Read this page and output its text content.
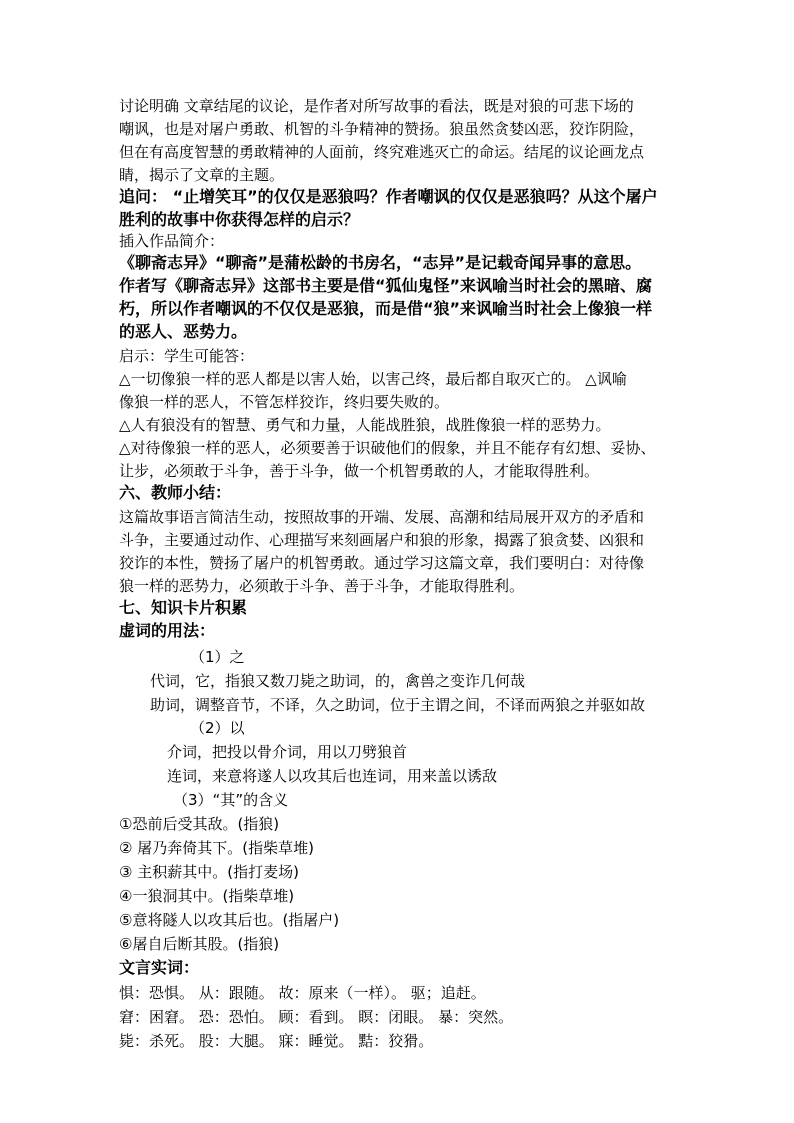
讨论明确 文章结尾的议论，是作者对所写故事的看法，既是对狼的可悲下场的
嘲讽，也是对屠户勇敢、机智的斗争精神的赞扬。狼虽然贪婪凶恶，狡诈阴险，
但在有高度智慧的勇敢精神的人面前，终究难逃灭亡的命运。结尾的议论画龙点
睛，揭示了文章的主题。
追问： “止增笑耳”的仅仅是恶狼吗？作者嘲讽的仅仅是恶狼吗？从这个屠户
胜利的故事中你获得怎样的启示？
插入作品简介：
《聊斋志异》“聊斋”是蒲松龄的书房名，“志异”是记载奇闻异事的意思。
作者写《聊斋志异》这部书主要是借“狐仙鬼怪”来讽喻当时社会的黑暗、腐
朽，所以作者嘲讽的不仅仅是恶狼，而是借“狼”来讽喻当时社会上像狼一样
的恶人、恶势力。
启示：学生可能答：
△一切像狼一样的恶人都是以害人始，以害己终，最后都自取灭亡的。 △讽喻
像狼一样的恶人，不管怎样狡诈，终归要失败的。
△人有狼没有的智慧、勇气和力量，人能战胜狼，战胜像狼一样的恶势力。
△对待像狼一样的恶人，必须要善于识破他们的假象，并且不能存有幻想、妥协、
让步，必须敢于斗争，善于斗争，做一个机智勇敢的人，才能取得胜利。
六、教师小结：
这篇故事语言简洁生动，按照故事的开端、发展、高潮和结局展开双方的矛盾和
斗争，主要通过动作、心理描写来刻画屠户和狼的形象，揭露了狼贪婪、凶狠和
狡诈的本性，赞扬了屠户的机智勇敢。通过学习这篇文章，我们要明白：对待像
狼一样的恶势力，必须敢于斗争、善于斗争，才能取得胜利。
七、知识卡片积累
虚词的用法：
（1）之
代词，它，指狼又数刀毙之助词，的，禽兽之变诈几何哉
助词，调整音节，不译，久之助词，位于主谓之间，不译而两狼之并驱如故
（2）以
介词，把投以骨介词，用以刀劈狼首
连词，来意将遂人以攻其后也连词，用来盖以诱敌
（3）“其”的含义
①恐前后受其敌。(指狼)
② 屠乃奔倚其下。(指柴草堆)
③ 主积薪其中。(指打麦场)
④一狼洞其中。(指柴草堆)
⑤意将隧人以攻其后也。(指屠户)
⑥屠自后断其股。(指狼)
文言实词：
惧：恐惧。 从：跟随。 故：原来（一样）。 驱；追赶。
窘：困窘。 恐：恐怕。 顾：看到。 瞑：闭眼。 暴：突然。
毙：杀死。 股：大腿。 寐：睡觉。 黠：狡猾。
